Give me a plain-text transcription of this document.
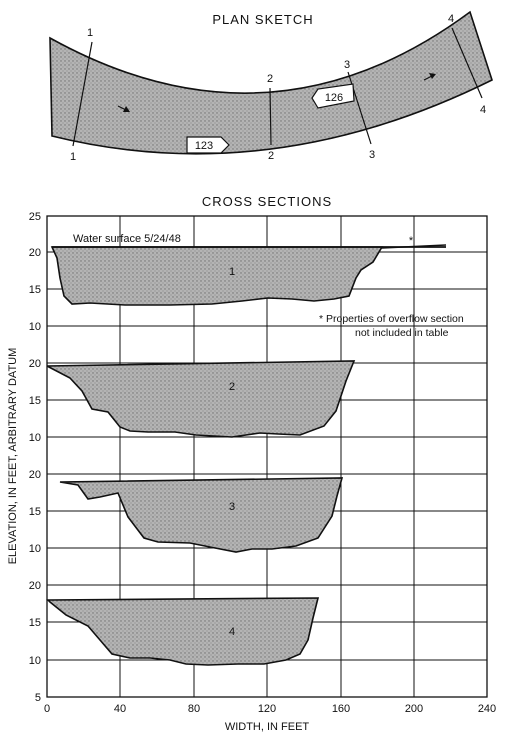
PLAN SKETCH
1
1
2
2
3
3
4
4
123
126
CROSS SECTIONS
Water surface 5/24/48	*
1
* Properties of overflow section
not included in table
2
3
4
25
20
15
10
20
15
10
20
15
10
20
15
10
5
0	40	80	120	160	200	240
WIDTH, IN FEET
ELEVATION, IN FEET, ARBITRARY DATUM
